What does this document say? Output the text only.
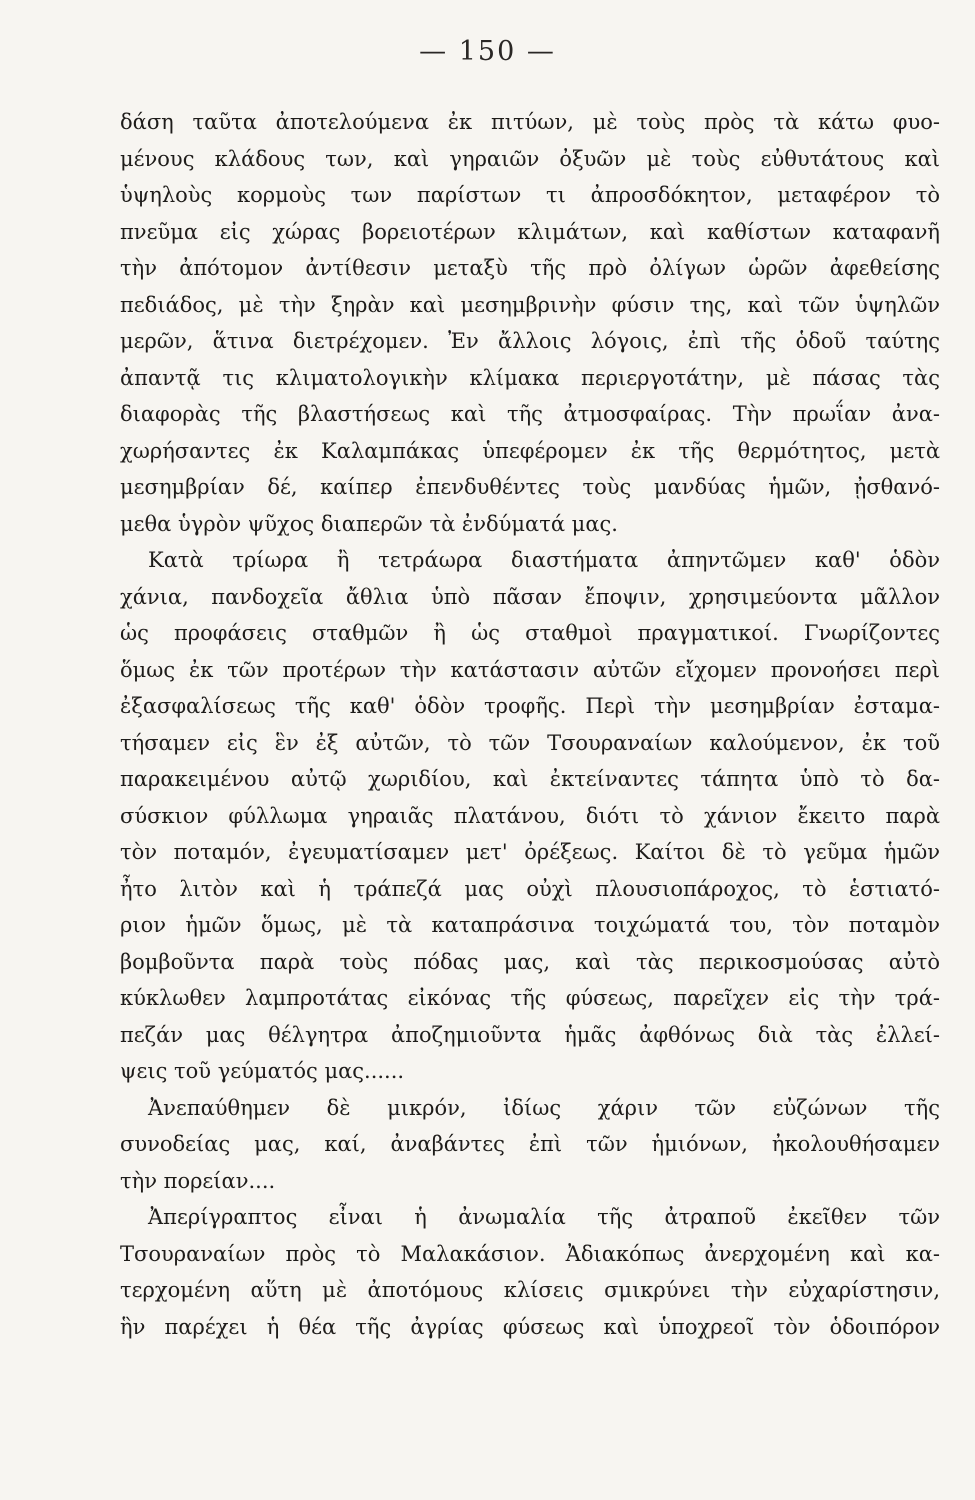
— 150 —
δάση ταῦτα ἀποτελούμενα ἐκ πιτύων, μὲ τοὺς πρὸς τὰ κάτω φυο-
μένους κλάδους των, καὶ γηραιῶν ὀξυῶν μὲ τοὺς εὐθυτάτους καὶ
ὑψηλοὺς κορμοὺς των παρίστων τι ἀπροσδόκητον, μεταφέρον τὸ
πνεῦμα εἰς χώρας βορειοτέρων κλιμάτων, καὶ καθίστων καταφανῆ
τὴν ἀπότομον ἀντίθεσιν μεταξὺ τῆς πρὸ ὀλίγων ὡρῶν ἀφεθείσης
πεδιάδος, μὲ τὴν ξηρὰν καὶ μεσημβρινὴν φύσιν της, καὶ τῶν ὑψηλῶν
μερῶν, ἅτινα διετρέχομεν. Ἐν ἄλλοις λόγοις, ἐπὶ τῆς ὁδοῦ ταύτης
ἀπαντᾷ τις κλιματολογικὴν κλίμακα περιεργοτάτην, μὲ πάσας τὰς
διαφορὰς τῆς βλαστήσεως καὶ τῆς ἀτμοσφαίρας. Τὴν πρωΐαν ἀνα-
χωρήσαντες ἐκ Καλαμπάκας ὑπεφέρομεν ἐκ τῆς θερμότητος, μετὰ
μεσημβρίαν δέ, καίπερ ἐπενδυθέντες τοὺς μανδύας ἡμῶν, ᾐσθανό-
μεθα ὑγρὸν ψῦχος διαπερῶν τὰ ἐνδύματά μας.
Κατὰ τρίωρα ἢ τετράωρα διαστήματα ἀπηντῶμεν καθ' ὁδὸν
χάνια, πανδοχεῖα ἄθλια ὑπὸ πᾶσαν ἔποψιν, χρησιμεύοντα μᾶλλον
ὡς προφάσεις σταθμῶν ἢ ὡς σταθμοὶ πραγματικοί. Γνωρίζοντες
ὅμως ἐκ τῶν προτέρων τὴν κατάστασιν αὐτῶν εἴχομεν προνοήσει περὶ
ἐξασφαλίσεως τῆς καθ' ὁδὸν τροφῆς. Περὶ τὴν μεσημβρίαν ἐσταμα-
τήσαμεν εἰς ἓν ἐξ αὐτῶν, τὸ τῶν Τσουραναίων καλούμενον, ἐκ τοῦ
παρακειμένου αὐτῷ χωριδίου, καὶ ἐκτείναντες τάπητα ὑπὸ τὸ δα-
σύσκιον φύλλωμα γηραιᾶς πλατάνου, διότι τὸ χάνιον ἔκειτο παρὰ
τὸν ποταμόν, ἐγευματίσαμεν μετ' ὀρέξεως. Καίτοι δὲ τὸ γεῦμα ἡμῶν
ἦτο λιτὸν καὶ ἡ τράπεζά μας οὐχὶ πλουσιοπάροχος, τὸ ἑστιατό-
ριον ἡμῶν ὅμως, μὲ τὰ καταπράσινα τοιχώματά του, τὸν ποταμὸν
βομβοῦντα παρὰ τοὺς πόδας μας, καὶ τὰς περικοσμούσας αὐτὸ
κύκλωθεν λαμπροτάτας εἰκόνας τῆς φύσεως, παρεῖχεν εἰς τὴν τρά-
πεζάν μας θέλγητρα ἀποζημιοῦντα ἡμᾶς ἀφθόνως διὰ τὰς ἐλλεί-
ψεις τοῦ γεύματός μας......
Ἀνεπαύθημεν δὲ μικρόν, ἰδίως χάριν τῶν εὐζώνων τῆς
συνοδείας μας, καί, ἀναβάντες ἐπὶ τῶν ἡμιόνων, ἠκολουθήσαμεν
τὴν πορείαν....
Ἀπερίγραπτος εἶναι ἡ ἀνωμαλία τῆς ἀτραποῦ ἐκεῖθεν τῶν
Τσουραναίων πρὸς τὸ Μαλακάσιον. Ἀδιακόπως ἀνερχομένη καὶ κα-
τερχομένη αὕτη μὲ ἀποτόμους κλίσεις σμικρύνει τὴν εὐχαρίστησιν,
ἣν παρέχει ἡ θέα τῆς ἀγρίας φύσεως καὶ ὑποχρεοῖ τὸν ὁδοιπόρον
